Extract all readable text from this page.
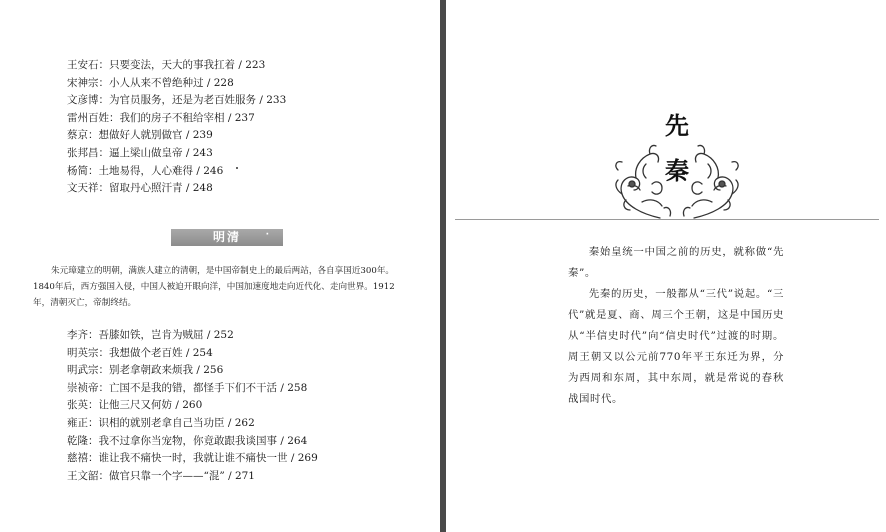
王安石：只要变法，天大的事我扛着 / 223
宋神宗：小人从来不曾绝种过 / 228
文彦博：为官员服务，还是为老百姓服务 / 233
雷州百姓：我们的房子不租给宰相 / 237
蔡京：想做好人就别做官 / 239
张邦昌：逼上梁山做皇帝 / 243
杨简：土地易得，人心难得 / 246
文天祥：留取丹心照汗青 / 248
明清	·

朱元璋建立的明朝，满族人建立的清朝，是中国帝制史上的最后两站，各自享国近300年。1840年后，西方强国入侵，中国人被迫开眼向洋，中国加速度地走向近代化、走向世界。1912年，清朝灭亡，帝制终结。

李齐：吾膝如铁，岂肯为贼屈 / 252
明英宗：我想做个老百姓 / 254
明武宗：别老拿朝政来烦我 / 256
崇祯帝：亡国不是我的错，都怪手下们不干活 / 258
张英：让他三尺又何妨 / 260
雍正：识相的就别老拿自己当功臣 / 262
乾隆：我不过拿你当宠物，你竟敢跟我谈国事 / 264
慈禧：谁让我不痛快一时，我就让谁不痛快一世 / 269
王文韶：做官只靠一个字——“混” / 271
先
秦

秦始皇统一中国之前的历史，就称做“先秦”。

先秦的历史，一般都从“三代”说起。“三代”就是夏、商、周三个王朝，这是中国历史从“半信史时代”向“信史时代”过渡的时期。周王朝又以公元前770年平王东迁为界，分为西周和东周，其中东周，就是常说的春秋战国时代。
